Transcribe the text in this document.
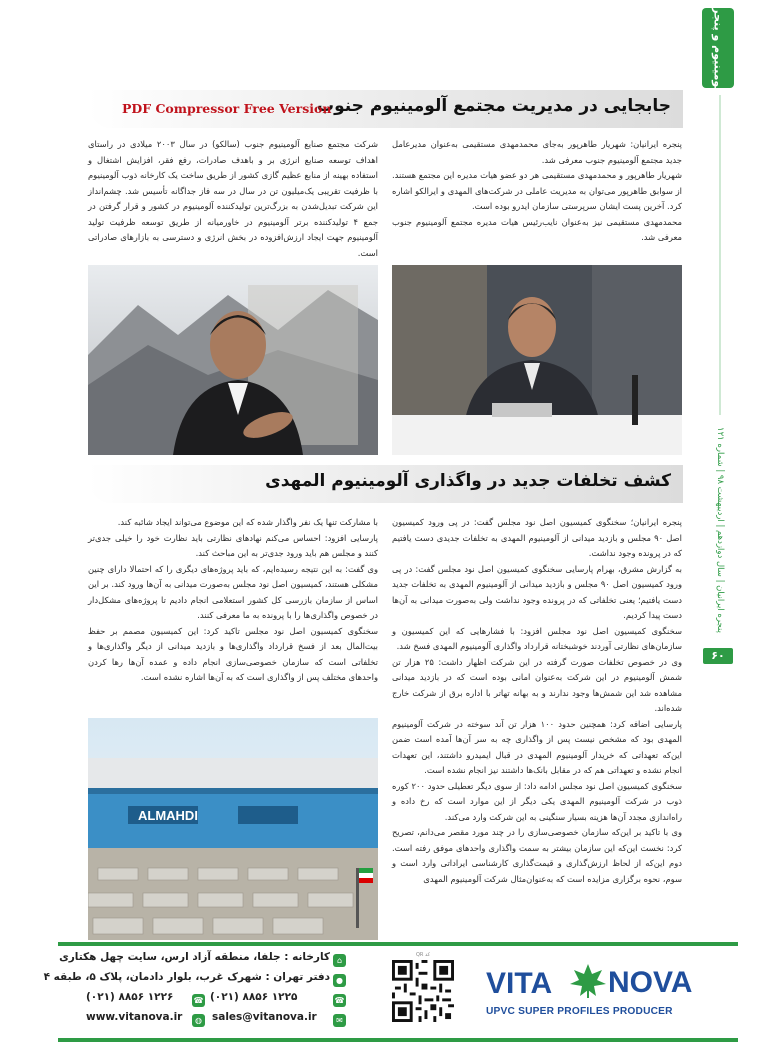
آلومینیوم و پنجره
پنجره ایرانیان | سال دوازدهم | اردیبهشت ۹۸ | شماره ۱۲۱
۶۰
جابجایی در مدیریت مجتمع آلومینیوم جنوب
PDF Compressor Free Version

پنجره ایرانیان: شهریار طاهرپور به‌جای محمدمهدی مستقیمی به‌عنوان مدیرعامل جدید مجتمع آلومینیوم جنوب معرفی شد.

شهریار طاهرپور و محمدمهدی مستقیمی هر دو عضو هیات مدیره این مجتمع هستند. از سوابق طاهرپور می‌توان به مدیریت عاملی در شرکت‌های المهدی و ایرالکو اشاره کرد. آخرین پست ایشان سرپرستی سازمان ایدرو بوده است.

محمدمهدی مستقیمی نیز به‌عنوان نایب‌رئیس هیات مدیره مجتمع آلومینیوم جنوب معرفی شد.

شرکت مجتمع صنایع آلومینیوم جنوب (سالکو) در سال ۲۰۰۳ میلادی در راستای اهداف توسعه صنایع انرژی بر و باهدف صادرات، رفع فقر، افزایش اشتغال و استفاده بهینه از منابع عظیم گازی کشور از طریق ساخت یک کارخانه ذوب آلومینیوم با ظرفیت تقریبی یک‌میلیون تن در سال در سه فاز جداگانه تأسیس شد. چشم‌انداز این شرکت تبدیل‌شدن به بزرگ‌ترین تولیدکننده آلومینیوم در کشور و قرار گرفتن در جمع ۴ تولیدکننده برتر آلومینیوم در خاورمیانه از طریق توسعه ظرفیت تولید آلومینیوم جهت ایجاد ارزش‌افزوده در بخش انرژی و دسترسی به بازارهای صادراتی است.

کشف تخلفات جدید در واگذاری آلومینیوم المهدی

پنجره ایرانیان؛ سخنگوی کمیسیون اصل نود مجلس گفت: در پی ورود کمیسیون اصل ۹۰ مجلس و بازدید میدانی از آلومینیوم المهدی به تخلفات جدیدی دست یافتیم که در پرونده وجود نداشت.

به گزارش مشرق، بهرام پارسایی سخنگوی کمیسیون اصل نود مجلس گفت: در پی ورود کمیسیون اصل ۹۰ مجلس و بازدید میدانی از آلومینیوم المهدی به تخلفات جدید دست یافتیم؛ یعنی تخلفاتی که در پرونده وجود نداشت ولی به‌صورت میدانی به آن‌ها دست پیدا کردیم.

سخنگوی کمیسیون اصل نود مجلس افزود: با فشارهایی که این کمیسیون و سازمان‌های نظارتی آوردند خوشبختانه قرارداد واگذاری آلومینیوم المهدی فسخ شد.

وی در خصوص تخلفات صورت گرفته در این شرکت اظهار داشت: ۲۵ هزار تن شمش آلومینیوم در این شرکت به‌عنوان امانی بوده است که در بازدید میدانی مشاهده شد این شمش‌ها وجود ندارند و به بهانه تهاتر با اداره برق از شرکت خارج شده‌اند.

پارسایی اضافه کرد: همچنین حدود ۱۰۰ هزار تن آند سوخته در شرکت آلومینیوم المهدی بود که مشخص نیست پس از واگذاری چه به سر آن‌ها آمده است ضمن این‌که تعهداتی که خریدار آلومینیوم المهدی در قبال ایمیدرو داشتند، این تعهدات انجام نشده و تعهداتی هم که در مقابل بانک‌ها داشتند نیز انجام نشده است.

سخنگوی کمیسیون اصل نود مجلس ادامه داد: از سوی دیگر تعطیلی حدود ۲۰۰ کوره ذوب در شرکت آلومینیوم المهدی یکی دیگر از این موارد است که رخ داده و راه‌اندازی مجدد آن‌ها هزینه بسیار سنگینی به این شرکت وارد می‌کند.

وی با تاکید بر این‌که سازمان خصوصی‌سازی را در چند مورد مقصر می‌دانم، تصریح کرد: نخست این‌که این سازمان بیشتر به سمت واگذاری واحدهای موفق رفته است. دوم این‌که از لحاظ ارزش‌گذاری و قیمت‌گذاری کارشناسی ایراداتی وارد است و سوم، نحوه برگزاری مزایده است که به‌عنوان‌مثال شرکت آلومینیوم المهدی

با مشارکت تنها یک نفر واگذار شده که این موضوع می‌تواند ایجاد شائبه کند.

پارسایی افزود: احساس می‌کنم نهادهای نظارتی باید نظارت خود را خیلی جدی‌تر کنند و مجلس هم باید ورود جدی‌تر به این مباحث کند.

وی گفت: به این نتیجه رسیده‌ایم، که باید پروژه‌های دیگری را که احتمالا دارای چنین مشکلی هستند، کمیسیون اصل نود مجلس به‌صورت میدانی به آن‌ها ورود کند. بر این اساس از سازمان بازرسی کل کشور استعلامی انجام دادیم تا پروژه‌های مشکل‌دار در خصوص واگذاری‌ها را با پرونده به ما معرفی کنند.

سخنگوی کمیسیون اصل نود مجلس تاکید کرد: این کمیسیون مصمم بر حفظ بیت‌المال بعد از فسخ قرارداد واگذاری‌ها و بازدید میدانی از دیگر واگذاری‌ها و تخلفاتی است که سازمان خصوصی‌سازی انجام داده و عمده آن‌ها رها کردن واحدهای مختلف پس از واگذاری است که به آن‌ها اشاره نشده است.

ALMAHDI
VITA NOVA
UPVC SUPER PROFILES PRODUCER
کد QR
⌂
کارخانه : جلفا، منطقه آزاد ارس، سایت چهل هکتاری
●
دفتر تهران : شهرک غرب، بلوار دادمان، پلاک ۵، طبقه ۴
☎
(۰۲۱) ۸۸۵۶ ۱۲۲۵
☎
(۰۲۱) ۸۸۵۶ ۱۲۲۶
✉
sales@vitanova.ir
◍
www.vitanova.ir
